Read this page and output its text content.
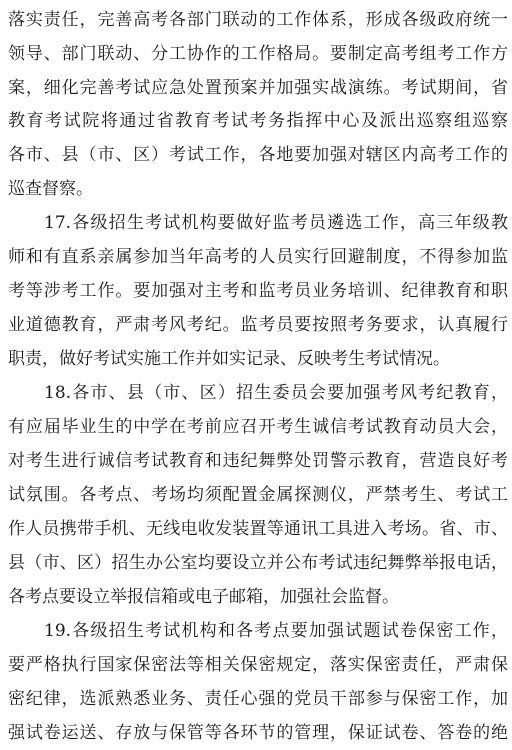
落实责任，完善高考各部门联动的工作体系，形成各级政府统一
领导、部门联动、分工协作的工作格局。要制定高考组考工作方
案，细化完善考试应急处置预案并加强实战演练。考试期间，省
教育考试院将通过省教育考试考务指挥中心及派出巡察组巡察
各市、县（市、区）考试工作，各地要加强对辖区内高考工作的
巡查督察。
17.各级招生考试机构要做好监考员遴选工作，高三年级教
师和有直系亲属参加当年高考的人员实行回避制度，不得参加监
考等涉考工作。要加强对主考和监考员业务培训、纪律教育和职
业道德教育，严肃考风考纪。监考员要按照考务要求，认真履行
职责，做好考试实施工作并如实记录、反映考生考试情况。
18.各市、县（市、区）招生委员会要加强考风考纪教育，
有应届毕业生的中学在考前应召开考生诚信考试教育动员大会，
对考生进行诚信考试教育和违纪舞弊处罚警示教育，营造良好考
试氛围。各考点、考场均须配置金属探测仪，严禁考生、考试工
作人员携带手机、无线电收发装置等通讯工具进入考场。省、市、
县（市、区）招生办公室均要设立并公布考试违纪舞弊举报电话，
各考点要设立举报信箱或电子邮箱，加强社会监督。
19.各级招生考试机构和各考点要加强试题试卷保密工作，
要严格执行国家保密法等相关保密规定，落实保密责任，严肃保
密纪律，选派熟悉业务、责任心强的党员干部参与保密工作，加
强试卷运送、存放与保管等各环节的管理，保证试卷、答卷的绝
